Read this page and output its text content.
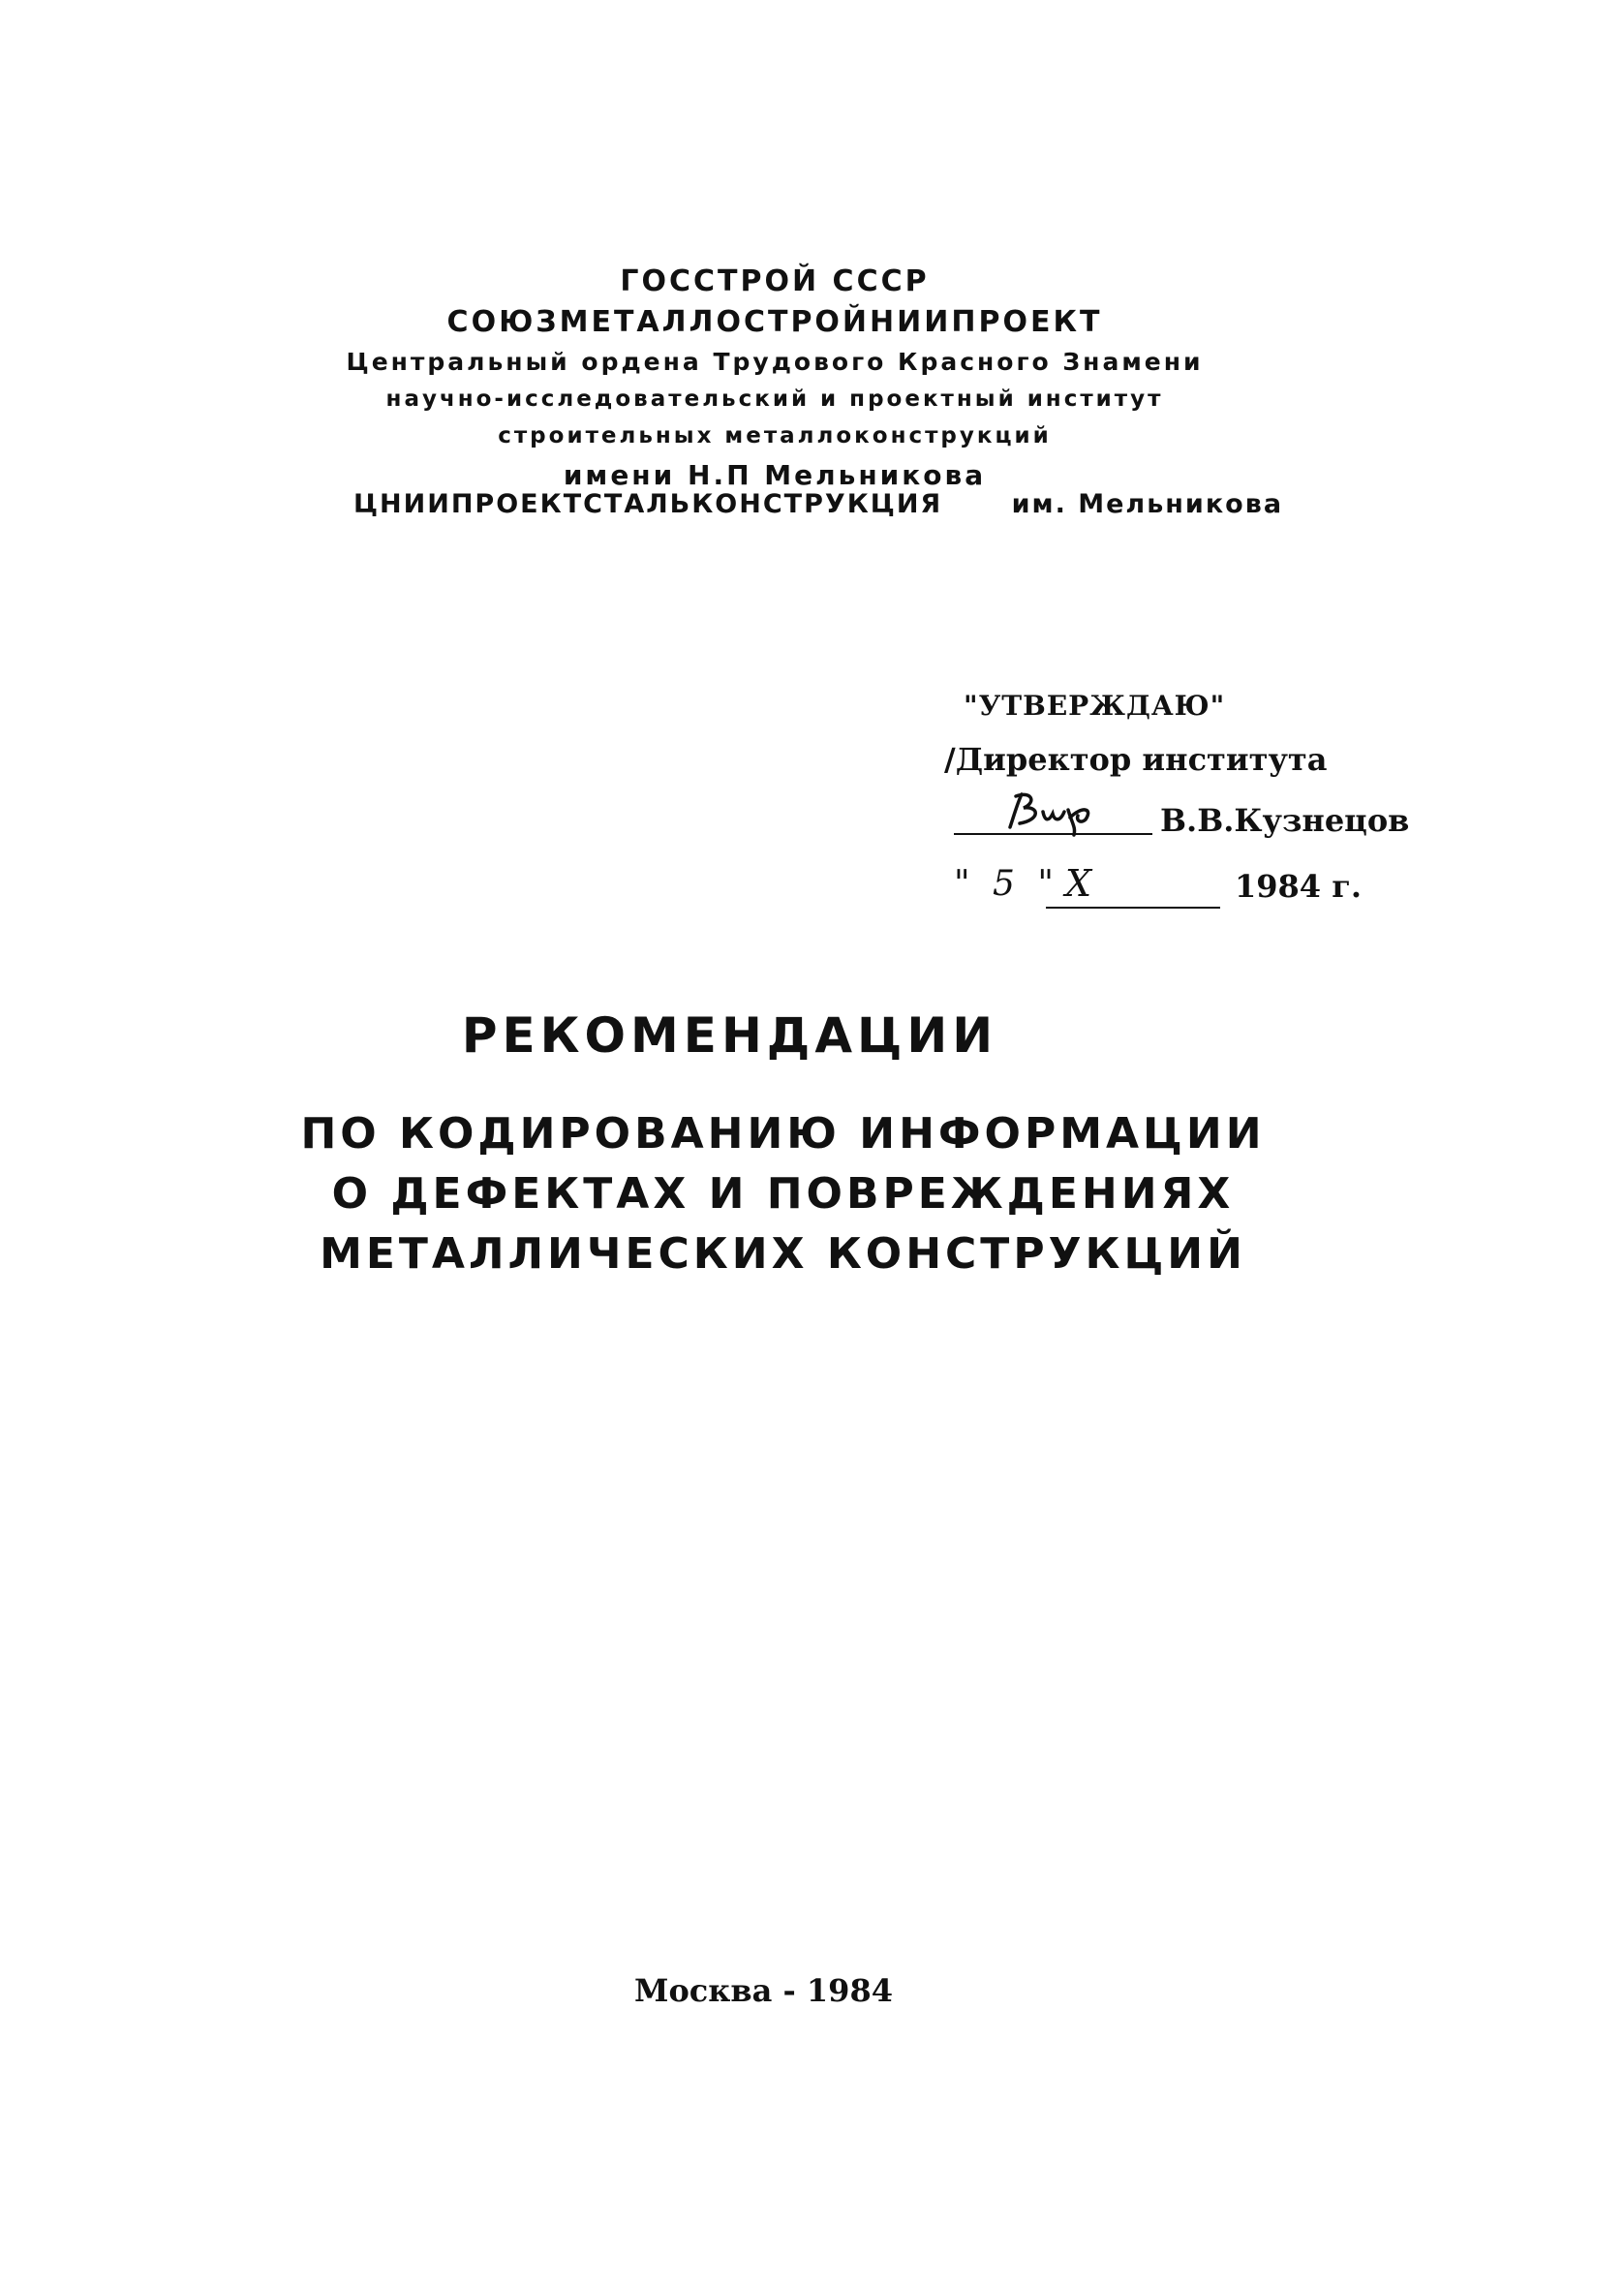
ГОССТРОЙ СССР
СОЮЗМЕТАЛЛОСТРОЙНИИПРОЕКТ
Центральный ордена Трудового Красного Знамени
научно-исследовательский и проектный институт
строительных металлоконструкций
имени Н.П Мельникова
ЦНИИПРОЕКТСТАЛЬКОНСТРУКЦИЯ	им. Мельникова
"УТВЕРЖДАЮ"
/Директор института
В.В.Кузнецов
" 5 " X	1984 г.
РЕКОМЕНДАЦИИ
ПО КОДИРОВАНИЮ ИНФОРМАЦИИ
О ДЕФЕКТАХ И ПОВРЕЖДЕНИЯХ
МЕТАЛЛИЧЕСКИХ КОНСТРУКЦИЙ
Москва - 1984
